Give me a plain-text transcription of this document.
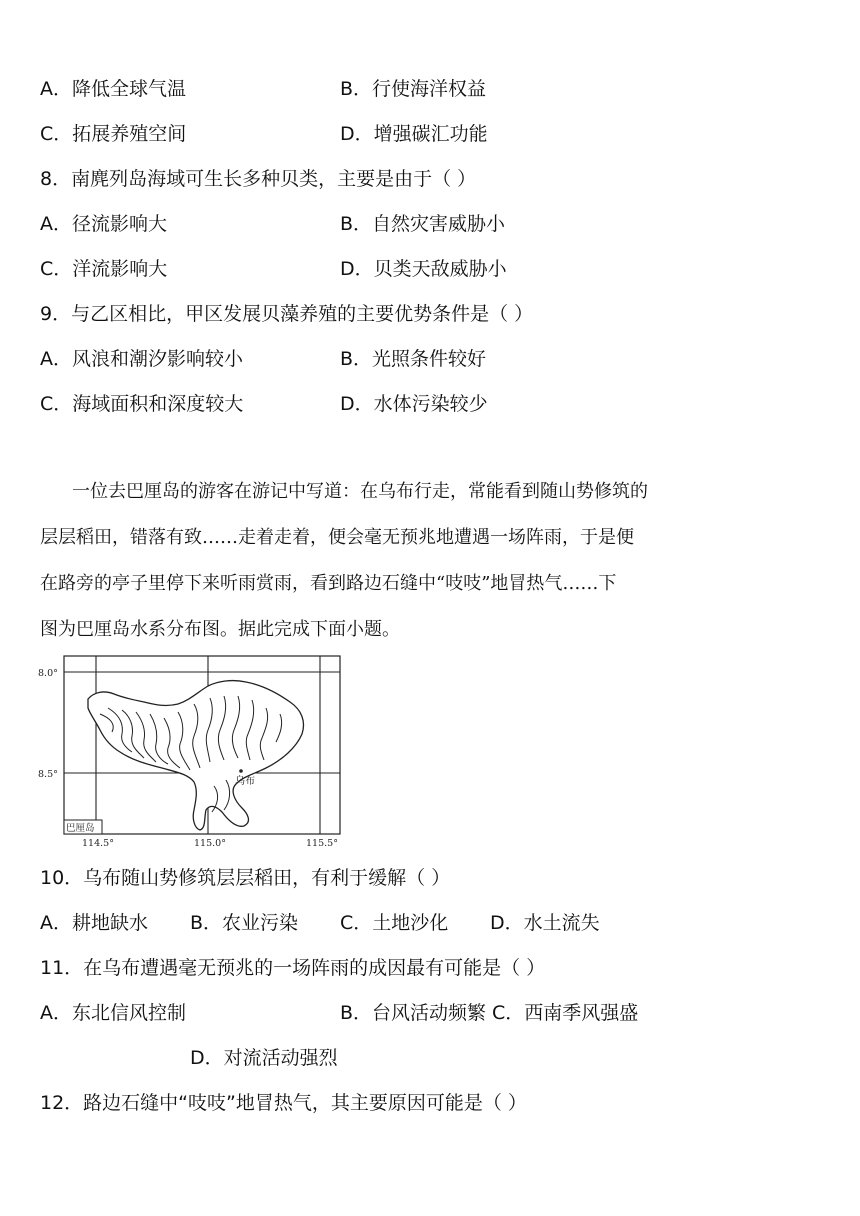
A．降低全球气温	B．行使海洋权益
C．拓展养殖空间	D．增强碳汇功能
8．南麂列岛海域可生长多种贝类，主要是由于（ ）
A．径流影响大	B．自然灾害威胁小
C．洋流影响大	D．贝类天敌威胁小
9．与乙区相比，甲区发展贝藻养殖的主要优势条件是（ ）
A．风浪和潮汐影响较小	B．光照条件较好
C．海域面积和深度较大	D．水体污染较少
一位去巴厘岛的游客在游记中写道：在乌布行走，常能看到随山势修筑的
层层稻田，错落有致……走着走着，便会毫无预兆地遭遇一场阵雨，于是便
在路旁的亭子里停下来听雨赏雨，看到路边石缝中“吱吱”地冒热气……下
图为巴厘岛水系分布图。据此完成下面小题。
8.0°
8.5°
114.5°	115.0°	115.5°
乌布
巴厘岛
10．乌布随山势修筑层层稻田，有利于缓解（ ）
A．耕地缺水 B．农业污染 C．土地沙化 D．水土流失
11．在乌布遭遇毫无预兆的一场阵雨的成因最有可能是（ ）
A．东北信风控制	B．台风活动频繁 C．西南季风强盛
D．对流活动强烈
12．路边石缝中“吱吱”地冒热气，其主要原因可能是（ ）
